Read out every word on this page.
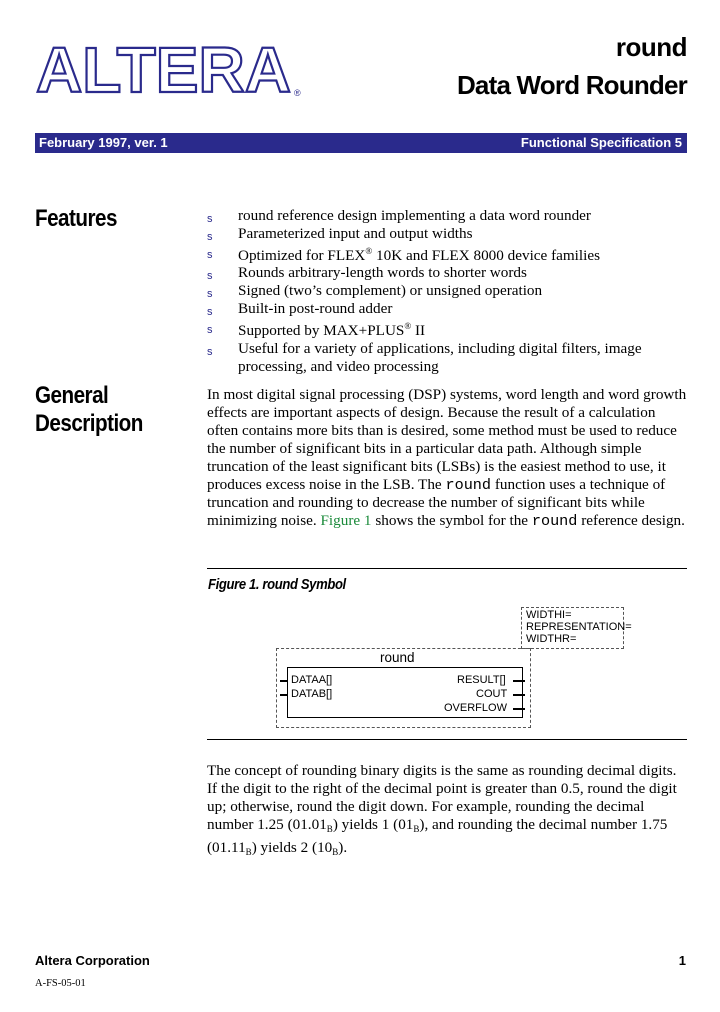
ALTERA ®
round
Data Word Rounder
February 1997, ver. 1	Functional Specification 5
Features	s round reference design implementing a data word rounder
s Parameterized input and output widths
s Optimized for FLEX® 10K and FLEX 8000 device families
s Rounds arbitrary-length words to shorter words
s Signed (two’s complement) or unsigned operation
s Built-in post-round adder
s Supported by MAX+PLUS® II
s Useful for a variety of applications, including digital filters, image processing, and video processing
General
Description
In most digital signal processing (DSP) systems, word length and word growth effects are important aspects of design. Because the result of a calculation often contains more bits than is desired, some method must be used to reduce the number of significant bits in a particular data path. Although simple truncation of the least significant bits (LSBs) is the easiest method to use, it produces excess noise in the LSB. The round function uses a technique of truncation and rounding to decrease the number of significant bits while minimizing noise. Figure 1 shows the symbol for the round reference design.
Figure 1. round Symbol
WIDTHI=
REPRESENTATION=
WIDTHR=
round
DATAA[]
DATAB[]
RESULT[]
COUT
OVERFLOW
The concept of rounding binary digits is the same as rounding decimal digits. If the digit to the right of the decimal point is greater than 0.5, round the digit up; otherwise, round the digit down. For example, rounding the decimal number 1.25 $(01.01_B)$ yields 1 $(01_B)$, and rounding the decimal number 1.75 $(01.11_B)$ yields 2 $(10_B)$.
Altera Corporation	1
A-FS-05-01
